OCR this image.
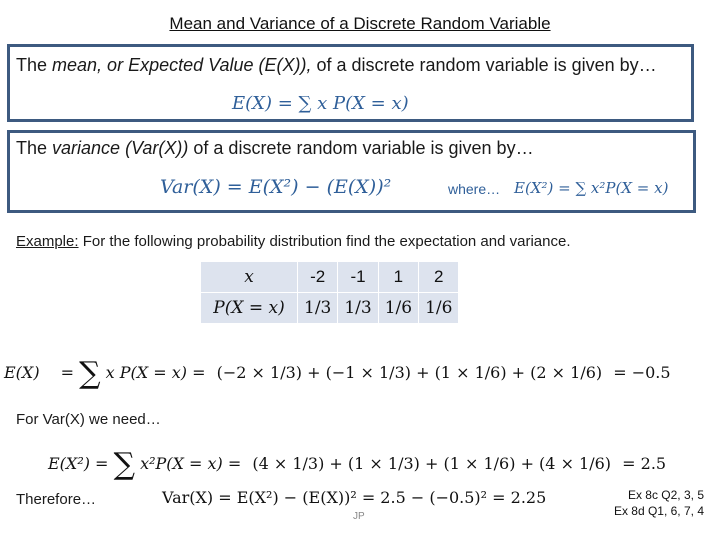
Mean and Variance of a Discrete Random Variable
The mean, or Expected Value (E(X)), of a discrete random variable is given by…
E(X) = ∑ x P(X = x)
The variance (Var(X)) of a discrete random variable is given by…
Var(X) = E(X²) − (E(X))²	where… E(X²) = ∑ x²P(X = x)
Example: For the following probability distribution find the expectation and variance.
x	-2	-1	1	2
P(X = x)	1/3	1/3	1/6	1/6
E(X) = ∑ x P(X = x) = (−2 × 1/3) + (−1 × 1/3) + (1 × 1/6) + (2 × 1/6) = −0.5
For Var(X) we need…
E(X²) = ∑ x²P(X = x) = (4 × 1/3) + (1 × 1/3) + (1 × 1/6) + (4 × 1/6) = 2.5
Therefore…	Var(X) = E(X²) − (E(X))² = 2.5 − (−0.5)² = 2.25
JP
Ex 8c Q2, 3, 5
Ex 8d Q1, 6, 7, 4
